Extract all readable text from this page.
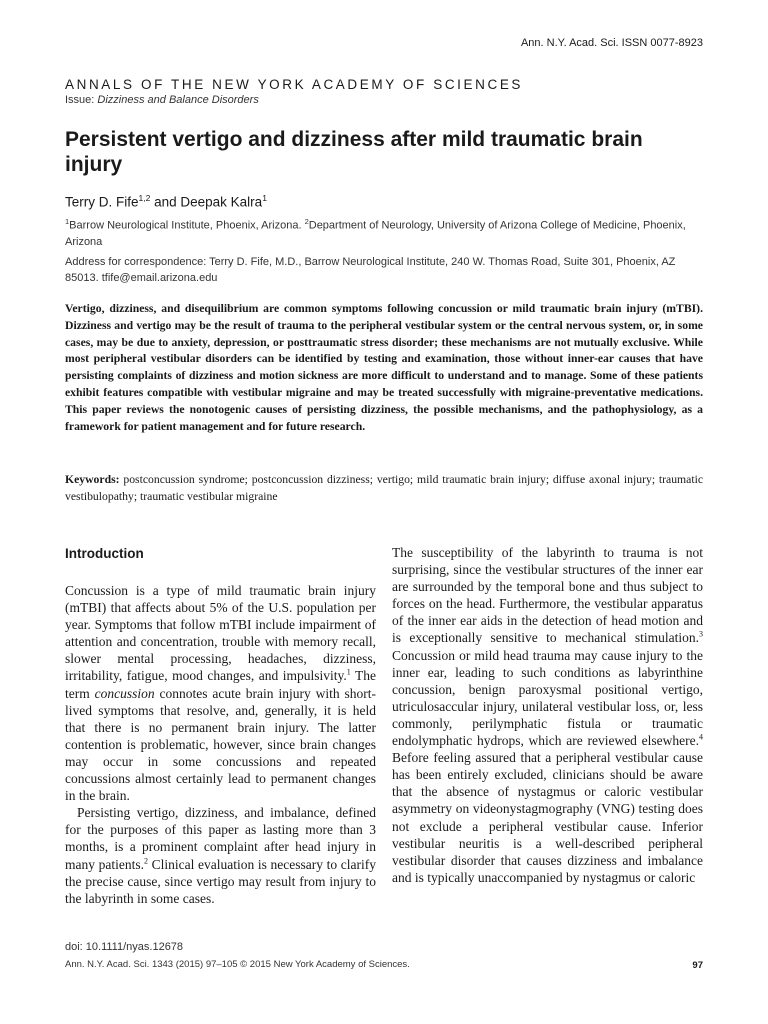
Ann. N.Y. Acad. Sci. ISSN 0077-8923
ANNALS OF THE NEW YORK ACADEMY OF SCIENCES
Issue: Dizziness and Balance Disorders
Persistent vertigo and dizziness after mild traumatic brain injury
Terry D. Fife$^{1,2}$ and Deepak Kalra$^1$
$^1$Barrow Neurological Institute, Phoenix, Arizona. $^2$Department of Neurology, University of Arizona College of Medicine, Phoenix, Arizona
Address for correspondence: Terry D. Fife, M.D., Barrow Neurological Institute, 240 W. Thomas Road, Suite 301, Phoenix, AZ 85013. tfife@email.arizona.edu

Vertigo, dizziness, and disequilibrium are common symptoms following concussion or mild traumatic brain injury (mTBI). Dizziness and vertigo may be the result of trauma to the peripheral vestibular system or the central nervous system, or, in some cases, may be due to anxiety, depression, or posttraumatic stress disorder; these mechanisms are not mutually exclusive. While most peripheral vestibular disorders can be identified by testing and examination, those without inner-ear causes that have persisting complaints of dizziness and motion sickness are more difficult to understand and to manage. Some of these patients exhibit features compatible with vestibular migraine and may be treated successfully with migraine-preventative medications. This paper reviews the nonotogenic causes of persisting dizziness, the possible mechanisms, and the pathophysiology, as a framework for patient management and for future research.

Keywords: postconcussion syndrome; postconcussion dizziness; vertigo; mild traumatic brain injury; diffuse axonal injury; traumatic vestibulopathy; traumatic vestibular migraine

Introduction

Concussion is a type of mild traumatic brain injury (mTBI) that affects about 5% of the U.S. population per year. Symptoms that follow mTBI include impairment of attention and concentration, trouble with memory recall, slower mental processing, headaches, dizziness, irritability, fatigue, mood changes, and impulsivity.$^1$ The term concussion connotes acute brain injury with short-lived symptoms that resolve, and, generally, it is held that there is no permanent brain injury. The latter contention is problematic, however, since brain changes may occur in some concussions and repeated concussions almost certainly lead to permanent changes in the brain.

Persisting vertigo, dizziness, and imbalance, defined for the purposes of this paper as lasting more than 3 months, is a prominent complaint after head injury in many patients.$^2$ Clinical evaluation is necessary to clarify the precise cause, since vertigo may result from injury to the labyrinth in some cases.

The susceptibility of the labyrinth to trauma is not surprising, since the vestibular structures of the inner ear are surrounded by the temporal bone and thus subject to forces on the head. Furthermore, the vestibular apparatus of the inner ear aids in the detection of head motion and is exceptionally sensitive to mechanical stimulation.$^3$ Concussion or mild head trauma may cause injury to the inner ear, leading to such conditions as labyrinthine concussion, benign paroxysmal positional vertigo, utriculosaccular injury, unilateral vestibular loss, or, less commonly, perilymphatic fistula or traumatic endolymphatic hydrops, which are reviewed elsewhere.$^4$ Before feeling assured that a peripheral vestibular cause has been entirely excluded, clinicians should be aware that the absence of nystagmus or caloric vestibular asymmetry on videonystagmography (VNG) testing does not exclude a peripheral vestibular cause. Inferior vestibular neuritis is a well-described peripheral vestibular disorder that causes dizziness and imbalance and is typically unaccompanied by nystagmus or caloric

doi: 10.1111/nyas.12678
Ann. N.Y. Acad. Sci. 1343 (2015) 97–105 © 2015 New York Academy of Sciences.	97
